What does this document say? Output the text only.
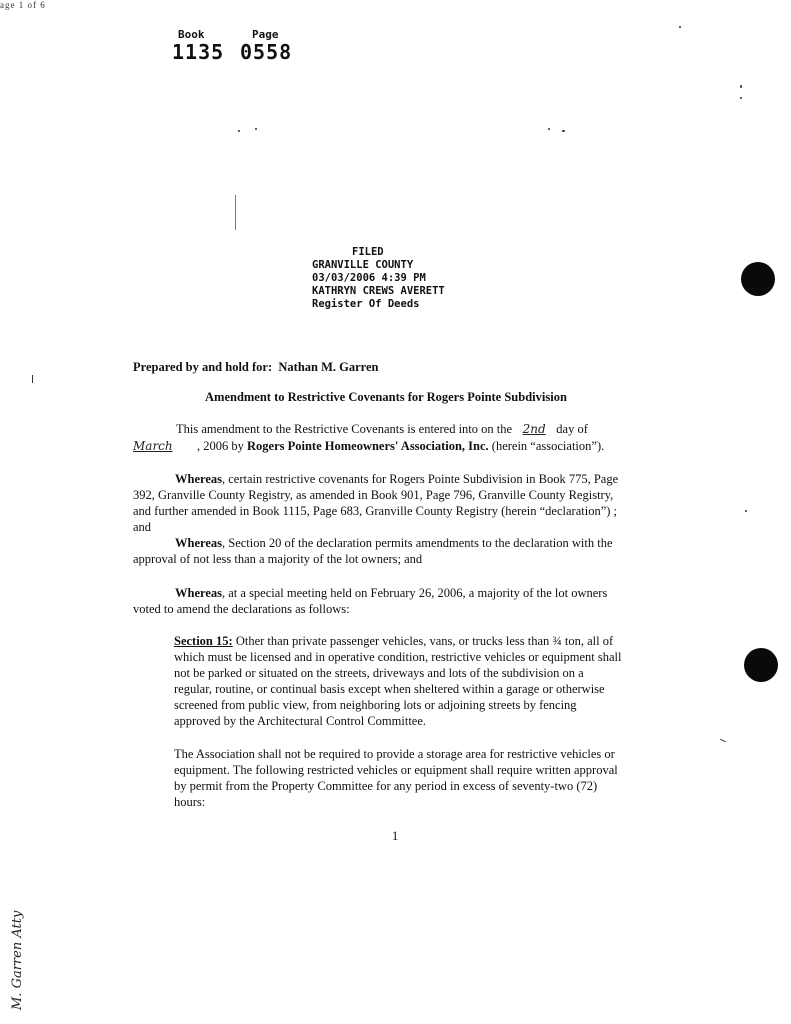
age 1 of 6
Book	Page
1135 0558
FILED
GRANVILLE COUNTY
03/03/2006 4:39 PM
KATHRYN CREWS AVERETT
Register Of Deeds
Prepared by and hold for: Nathan M. Garren
Amendment to Restrictive Covenants for Rogers Pointe Subdivision
This amendment to the Restrictive Covenants is entered into on the 2nd day of
March , 2006 by Rogers Pointe Homeowners' Association, Inc. (herein “association”).
Whereas, certain restrictive covenants for Rogers Pointe Subdivision in Book 775, Page
392, Granville County Registry, as amended in Book 901, Page 796, Granville County Registry,
and further amended in Book 1115, Page 683, Granville County Registry (herein “declaration”) ;
and
Whereas, Section 20 of the declaration permits amendments to the declaration with the
approval of not less than a majority of the lot owners; and
Whereas, at a special meeting held on February 26, 2006, a majority of the lot owners
voted to amend the declarations as follows:
Section 15: Other than private passenger vehicles, vans, or trucks less than ¾ ton, all of
which must be licensed and in operative condition, restrictive vehicles or equipment shall
not be parked or situated on the streets, driveways and lots of the subdivision on a
regular, routine, or continual basis except when sheltered within a garage or otherwise
screened from public view, from neighboring lots or adjoining streets by fencing
approved by the Architectural Control Committee.
The Association shall not be required to provide a storage area for restrictive vehicles or
equipment. The following restricted vehicles or equipment shall require written approval
by permit from the Property Committee for any period in excess of seventy-two (72)
hours:
1
M. Garren Atty
